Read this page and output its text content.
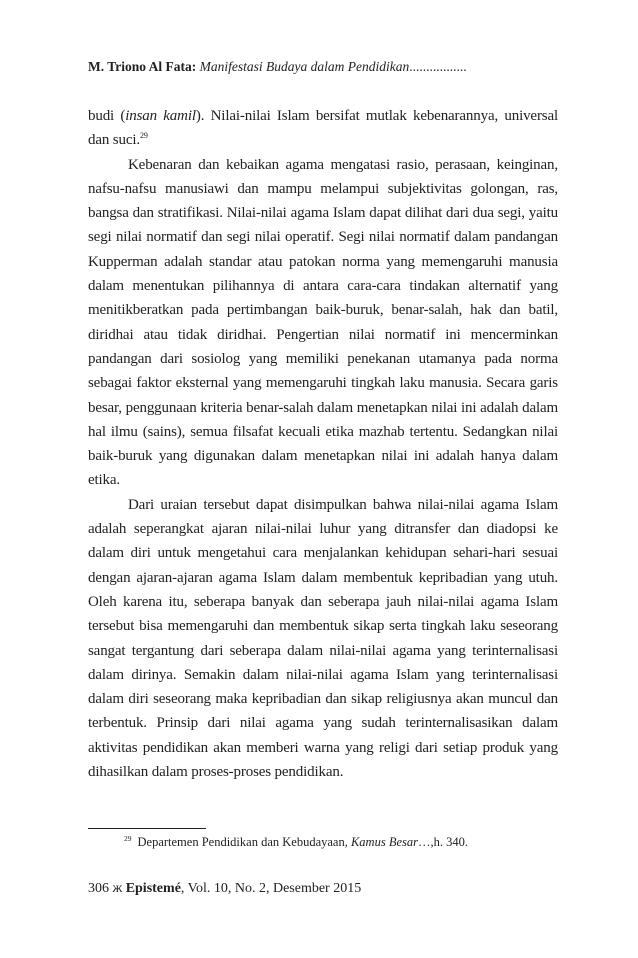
M. Triono Al Fata: Manifestasi Budaya dalam Pendidikan.................

budi (insan kamil). Nilai-nilai Islam bersifat mutlak kebenarannya, universal dan suci.$^{29}$

Kebenaran dan kebaikan agama mengatasi rasio, perasaan, keinginan, nafsu-nafsu manusiawi dan mampu melampui subjektivitas golongan, ras, bangsa dan stratifikasi. Nilai-nilai agama Islam dapat dilihat dari dua segi, yaitu segi nilai normatif dan segi nilai operatif. Segi nilai normatif dalam pandangan Kupperman adalah standar atau patokan norma yang memengaruhi manusia dalam menentukan pilihannya di antara cara-cara tindakan alternatif yang menitikberatkan pada pertimbangan baik-buruk, benar-salah, hak dan batil, diridhai atau tidak diridhai. Pengertian nilai normatif ini mencerminkan pandangan dari sosiolog yang memiliki penekanan utamanya pada norma sebagai faktor eksternal yang memengaruhi tingkah laku manusia. Secara garis besar, penggunaan kriteria benar-salah dalam menetapkan nilai ini adalah dalam hal ilmu (sains), semua filsafat kecuali etika mazhab tertentu. Sedangkan nilai baik-buruk yang digunakan dalam menetapkan nilai ini adalah hanya dalam etika.

Dari uraian tersebut dapat disimpulkan bahwa nilai-nilai agama Islam adalah seperangkat ajaran nilai-nilai luhur yang ditransfer dan diadopsi ke dalam diri untuk mengetahui cara menjalankan kehidupan sehari-hari sesuai dengan ajaran-ajaran agama Islam dalam membentuk kepribadian yang utuh. Oleh karena itu, seberapa banyak dan seberapa jauh nilai-nilai agama Islam tersebut bisa memengaruhi dan membentuk sikap serta tingkah laku seseorang sangat tergantung dari seberapa dalam nilai-nilai agama yang terinternalisasi dalam dirinya. Semakin dalam nilai-nilai agama Islam yang terinternalisasi dalam diri seseorang maka kepribadian dan sikap religiusnya akan muncul dan terbentuk. Prinsip dari nilai agama yang sudah terinternalisasikan dalam aktivitas pendidikan akan memberi warna yang religi dari setiap produk yang dihasilkan dalam proses-proses pendidikan.

$^{29}$ Departemen Pendidikan dan Kebudayaan, Kamus Besar…,h. 340.
306 ж Epistemé, Vol. 10, No. 2, Desember 2015
